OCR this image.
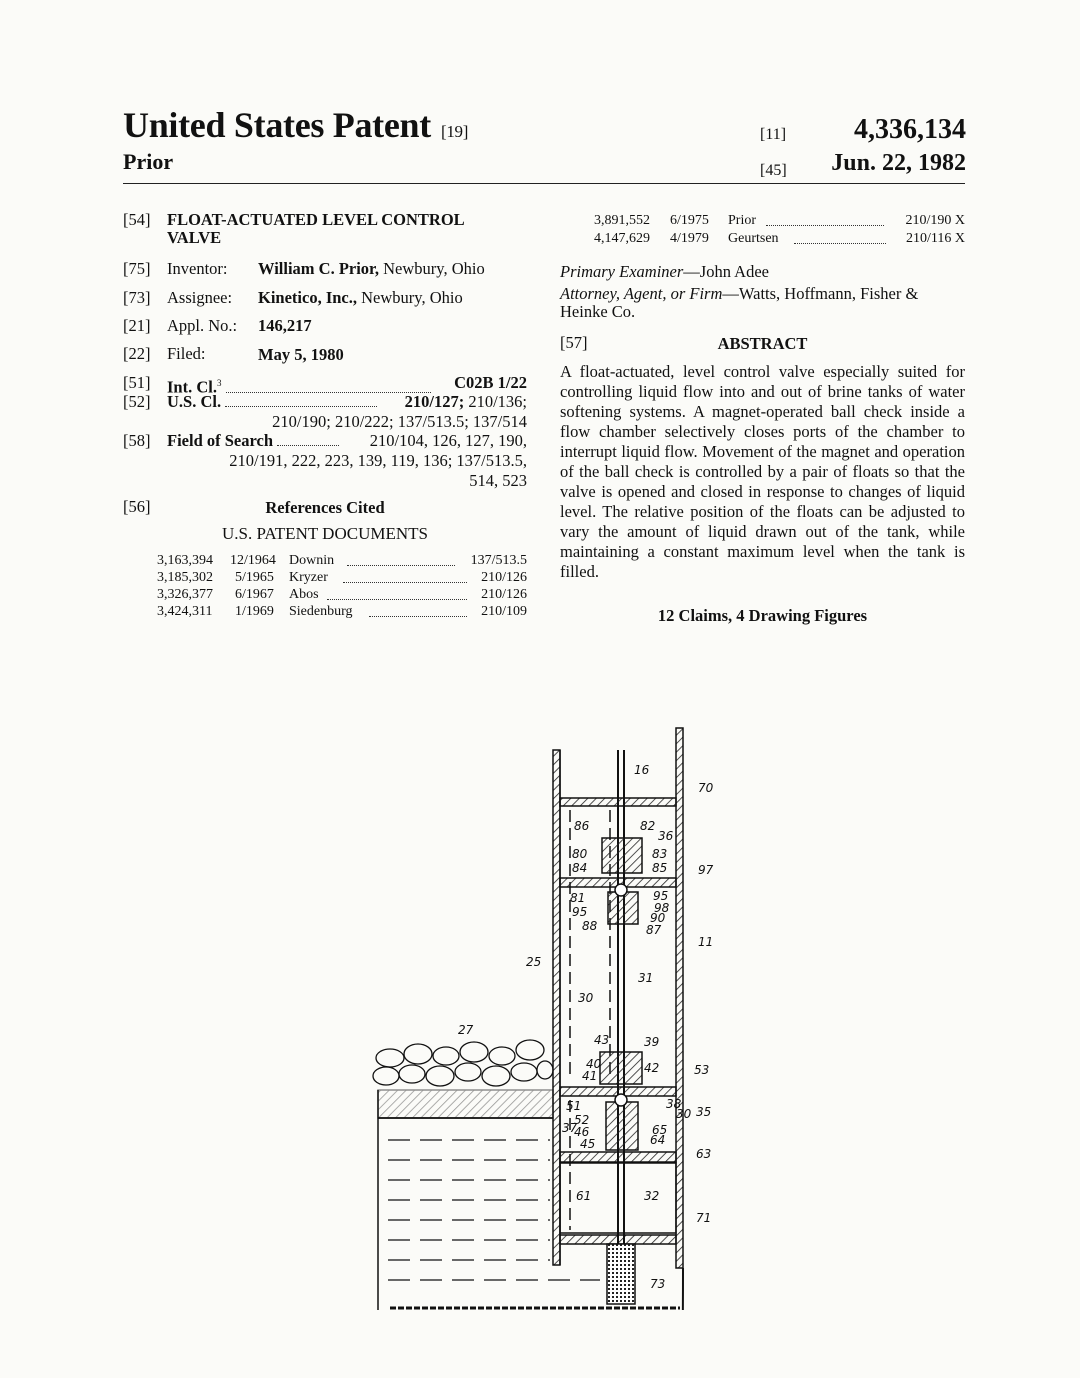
United States Patent [19]
Prior
[11]	4,336,134
[45]	Jun. 22, 1982
[54] FLOAT-ACTUATED LEVEL CONTROL
VALVE
[75] Inventor: William C. Prior, Newbury, Ohio
[73] Assignee: Kinetico, Inc., Newbury, Ohio
[21] Appl. No.: 146,217
[22] Filed:	May 5, 1980
[51] Int. Cl.$^3$	C02B 1/22
[52] U.S. Cl.	210/127; 210/136;
210/190; 210/222; 137/513.5; 137/514
[58] Field of Search	210/104, 126, 127, 190,
210/191, 222, 223, 139, 119, 136; 137/513.5,
514, 523
[56]	References Cited
U.S. PATENT DOCUMENTS
3,163,394 12/1964 Downin	137/513.5
3,185,302 5/1965 Kryzer	210/126
3,326,377 6/1967 Abos	210/126
3,424,311 1/1969 Siedenburg	210/109
3,891,552 6/1975 Prior	210/190 X
4,147,629 4/1979 Geurtsen	210/116 X
Primary Examiner—John Adee
Attorney, Agent, or Firm—Watts, Hoffmann, Fisher &
Heinke Co.
[57]	ABSTRACT
A float-actuated, level control valve especially suited for controlling liquid flow into and out of brine tanks of water softening systems. A magnet-operated ball check inside a flow chamber selectively closes ports of the chamber to interrupt liquid flow. Movement of the magnet and operation of the ball check is controlled by a pair of floats so that the valve is opened and closed in response to changes of liquid level. The relative position of the floats can be adjusted to vary the amount of liquid drawn out of the tank, while maintaining a constant maximum level when the tank is filled.
12 Claims, 4 Drawing Figures
16
70
82
86
36
80	83
84	85	97
81	95
95	98
90
88	87
11
25
31
30
27
43	39
40	42
41	53
51	38
30 35
52
65
37
46
45	64
63
61	32
71
73
